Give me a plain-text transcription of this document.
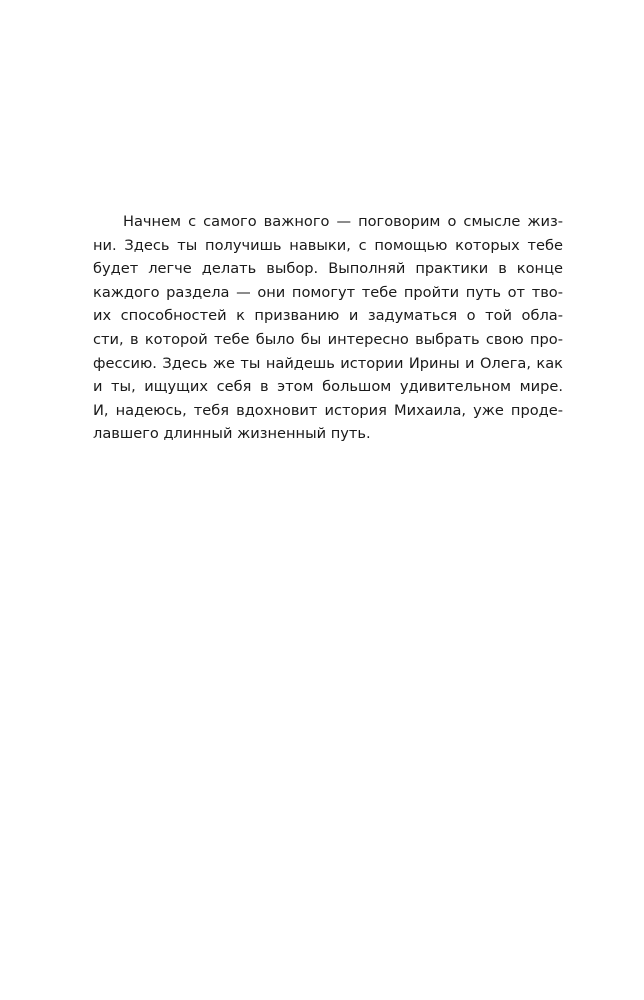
Начнем с самого важного — поговорим о смысле жиз-
ни. Здесь ты получишь навыки, с помощью которых тебе
будет легче делать выбор. Выполняй практики в конце
каждого раздела — они помогут тебе пройти путь от тво-
их способностей к призванию и задуматься о той обла-
сти, в которой тебе было бы интересно выбрать свою про-
фессию. Здесь же ты найдешь истории Ирины и Олега, как
и ты, ищущих себя в этом большом удивительном мире.
И, надеюсь, тебя вдохновит история Михаила, уже проде-
лавшего длинный жизненный путь.
